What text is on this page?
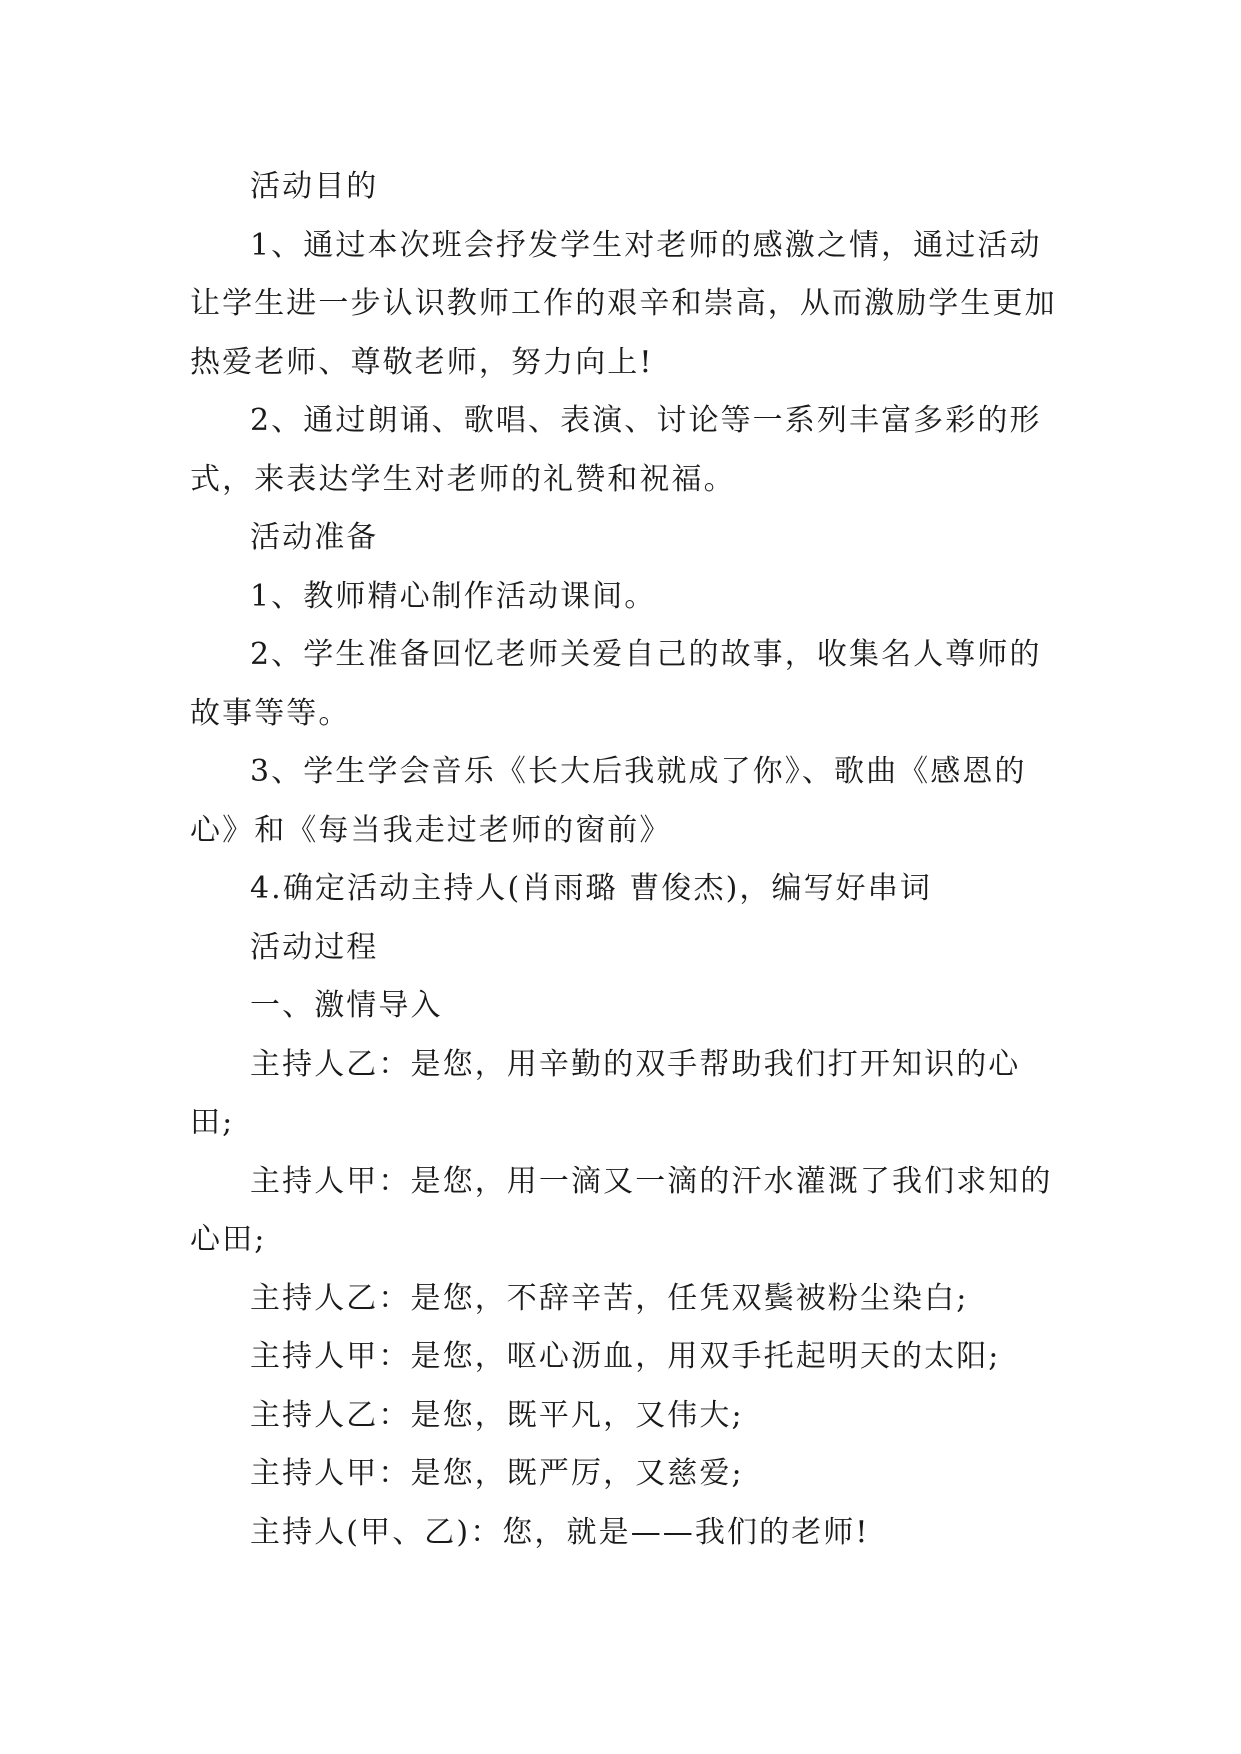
活动目的

1、通过本次班会抒发学生对老师的感激之情，通过活动让学生进一步认识教师工作的艰辛和崇高，从而激励学生更加热爱老师、尊敬老师，努力向上!

2、通过朗诵、歌唱、表演、讨论等一系列丰富多彩的形式，来表达学生对老师的礼赞和祝福。

活动准备

1、教师精心制作活动课间。

2、学生准备回忆老师关爱自己的故事，收集名人尊师的故事等等。

3、学生学会音乐《长大后我就成了你》、歌曲《感恩的心》和《每当我走过老师的窗前》

4.确定活动主持人(肖雨璐 曹俊杰)，编写好串词

活动过程

一、激情导入

主持人乙：是您，用辛勤的双手帮助我们打开知识的心田;

主持人甲：是您，用一滴又一滴的汗水灌溉了我们求知的心田;

主持人乙：是您，不辞辛苦，任凭双鬓被粉尘染白;

主持人甲：是您，呕心沥血，用双手托起明天的太阳;

主持人乙：是您，既平凡，又伟大;

主持人甲：是您，既严厉，又慈爱;

主持人(甲、乙)：您，就是——我们的老师!
